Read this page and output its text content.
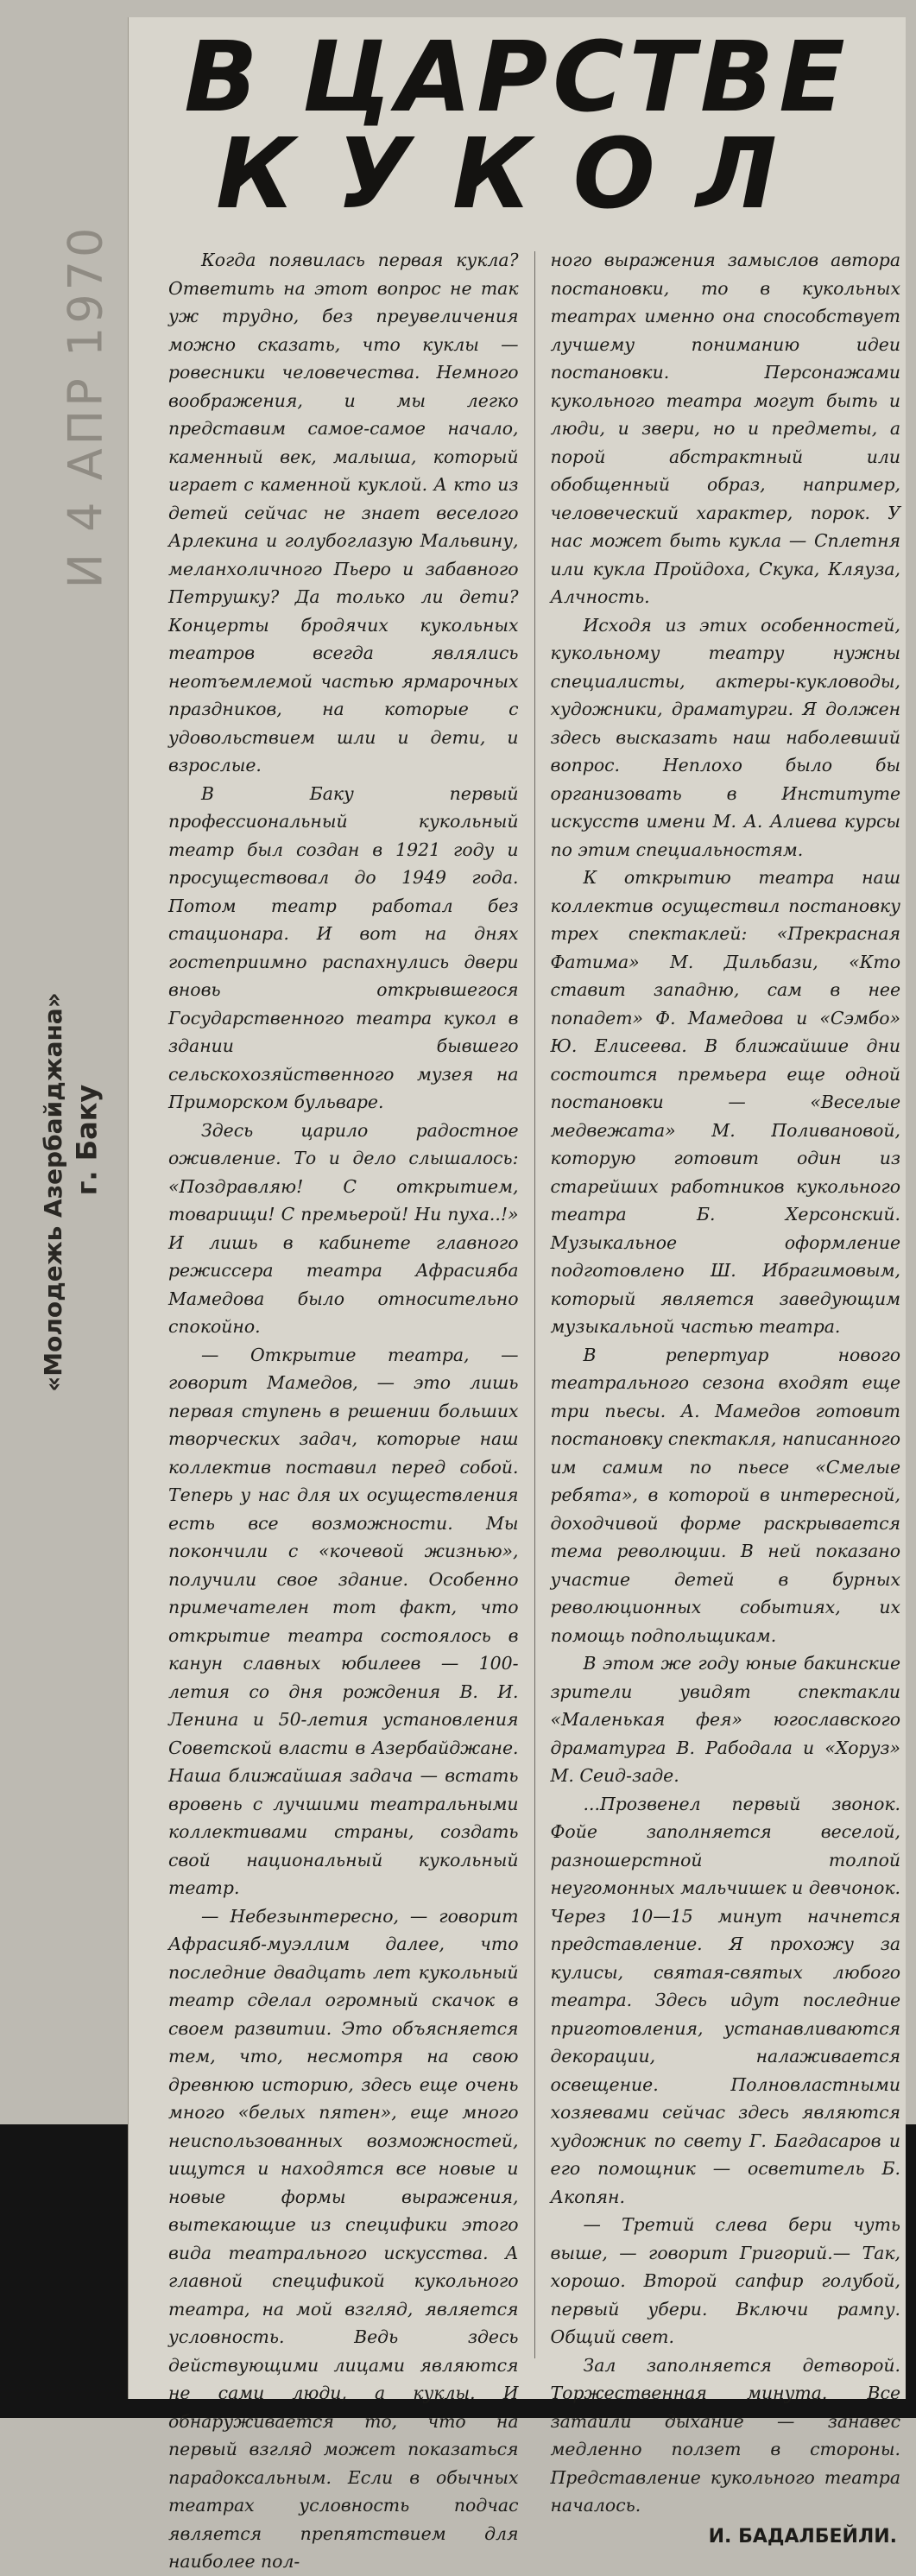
И 4 АПР 1970
«Молодежь Азербайджана» г. Баку
В ЦАРСТВЕ
КУКОЛ

Когда появилась первая кукла? Ответить на этот вопрос не так уж трудно, без преувеличения можно сказать, что куклы — ровесники человечества. Немного воображения, и мы легко представим самое-самое начало, каменный век, малыша, который играет с каменной куклой. А кто из детей сейчас не знает веселого Арлекина и голубоглазую Мальвину, меланхоличного Пьеро и забавного Петрушку? Да только ли дети? Концерты бродячих кукольных театров всегда являлись неотъемлемой частью ярмарочных праздников, на которые с удовольствием шли и дети, и взрослые.

В Баку первый профессиональный кукольный театр был создан в 1921 году и просуществовал до 1949 года. Потом театр работал без стационара. И вот на днях гостеприимно распахнулись двери вновь открывшегося Государственного театра кукол в здании бывшего сельскохозяйственного музея на Приморском бульваре.

Здесь царило радостное оживление. То и дело слышалось: «Поздравляю! С открытием, товарищи! С премьерой! Ни пуха..!» И лишь в кабинете главного режиссера театра Афрасияба Мамедова было относительно спокойно.

— Открытие театра, — говорит Мамедов, — это лишь первая ступень в решении больших творческих задач, которые наш коллектив поставил перед собой. Теперь у нас для их осуществления есть все возможности. Мы покончили с «кочевой жизнью», получили свое здание. Особенно примечателен тот факт, что открытие театра состоялось в канун славных юбилеев — 100-летия со дня рождения В. И. Ленина и 50-летия установления Советской власти в Азербайджане. Наша ближайшая задача — встать вровень с лучшими театральными коллективами страны, создать свой национальный кукольный театр.

— Небезынтересно, — говорит Афрасияб-муэллим далее, что последние двадцать лет кукольный театр сделал огромный скачок в своем развитии. Это объясняется тем, что, несмотря на свою древнюю историю, здесь еще очень много «белых пятен», еще много неиспользованных возможностей, ищутся и находятся все новые и новые формы выражения, вытекающие из специфики этого вида театрального искусства. А главной спецификой кукольного театра, на мой взгляд, является условность. Ведь здесь действующими лицами являются не сами люди, а куклы. И обнаруживается то, что на первый взгляд может показаться парадоксальным. Если в обычных театрах условность подчас является препятствием для наиболее пол-

ного выражения замыслов автора постановки, то в кукольных театрах именно она способствует лучшему пониманию идеи постановки. Персонажами кукольного театра могут быть и люди, и звери, но и предметы, а порой абстрактный или обобщенный образ, например, человеческий характер, порок. У нас может быть кукла — Сплетня или кукла Пройдоха, Скука, Кляуза, Алчность.

Исходя из этих особенностей, кукольному театру нужны специалисты, актеры-кукловоды, художники, драматурги. Я должен здесь высказать наш наболевший вопрос. Неплохо было бы организовать в Институте искусств имени М. А. Алиева курсы по этим специальностям.

К открытию театра наш коллектив осуществил постановку трех спектаклей: «Прекрасная Фатима» М. Дильбази, «Кто ставит западню, сам в нее попадет» Ф. Мамедова и «Сэмбо» Ю. Елисеева. В ближайшие дни состоится премьера еще одной постановки — «Веселые медвежата» М. Поливановой, которую готовит один из старейших работников кукольного театра Б. Херсонский. Музыкальное оформление подготовлено Ш. Ибрагимовым, который является заведующим музыкальной частью театра.

В репертуар нового театрального сезона входят еще три пьесы. А. Мамедов готовит постановку спектакля, написанного им самим по пьесе «Смелые ребята», в которой в интересной, доходчивой форме раскрывается тема революции. В ней показано участие детей в бурных революционных событиях, их помощь подпольщикам.

В этом же году юные бакинские зрители увидят спектакли «Маленькая фея» югославского драматурга В. Рабодала и «Хоруз» М. Сеид-заде.

...Прозвенел первый звонок. Фойе заполняется веселой, разношерстной толпой неугомонных мальчишек и девчонок. Через 10—15 минут начнется представление. Я прохожу за кулисы, святая-святых любого театра. Здесь идут последние приготовления, устанавливаются декорации, налаживается освещение. Полновластными хозяевами сейчас здесь являются художник по свету Г. Багдасаров и его помощник — осветитель Б. Акопян.

— Третий слева бери чуть выше, — говорит Григорий.— Так, хорошо. Второй сапфир голубой, первый убери. Включи рампу. Общий свет.

Зал заполняется детворой. Торжественная минута. Все затаили дыхание — занавес медленно ползет в стороны. Представление кукольного театра началось.

И. БАДАЛБЕЙЛИ.
